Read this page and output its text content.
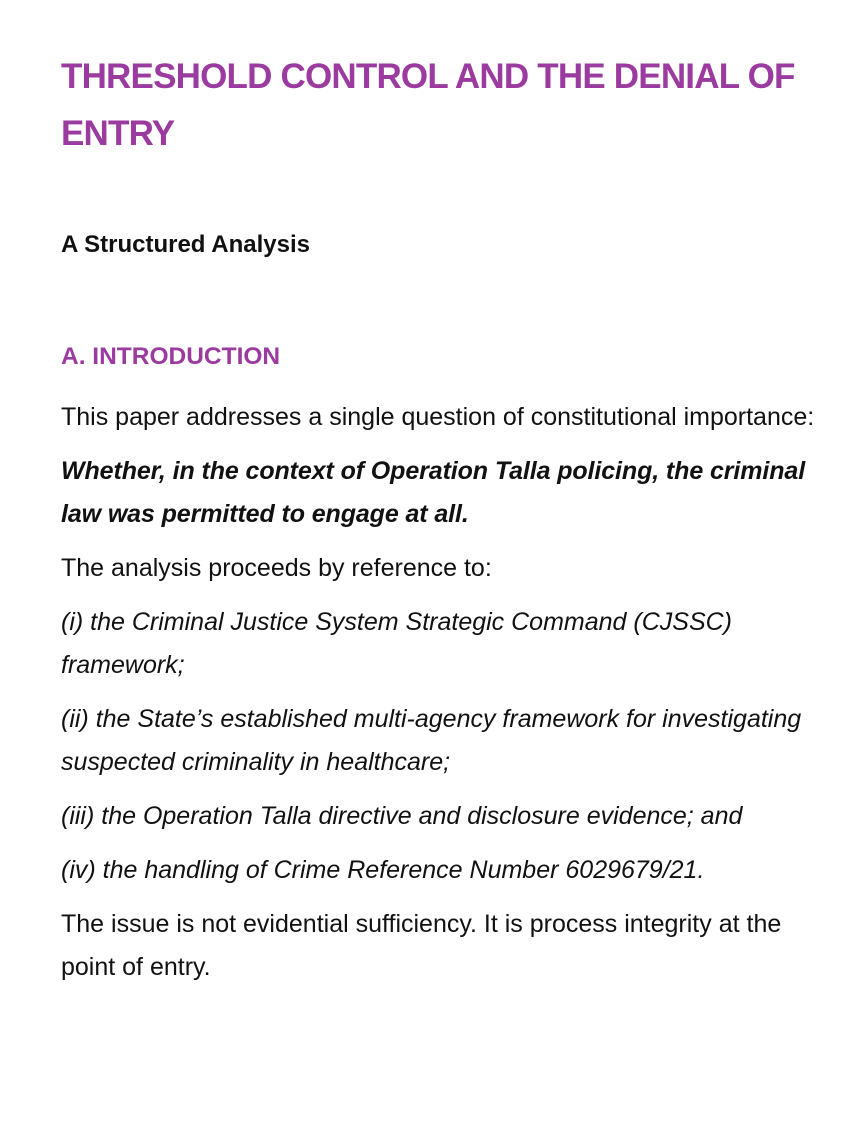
THRESHOLD CONTROL AND THE DENIAL OF ENTRY
A Structured Analysis
A. INTRODUCTION

This paper addresses a single question of constitutional importance:

Whether, in the context of Operation Talla policing, the criminal law was permitted to engage at all.

The analysis proceeds by reference to:

(i) the Criminal Justice System Strategic Command (CJSSC) framework;

(ii) the State’s established multi-agency framework for investigating suspected criminality in healthcare;

(iii) the Operation Talla directive and disclosure evidence; and

(iv) the handling of Crime Reference Number 6029679/21.

The issue is not evidential sufficiency. It is process integrity at the point of entry.
